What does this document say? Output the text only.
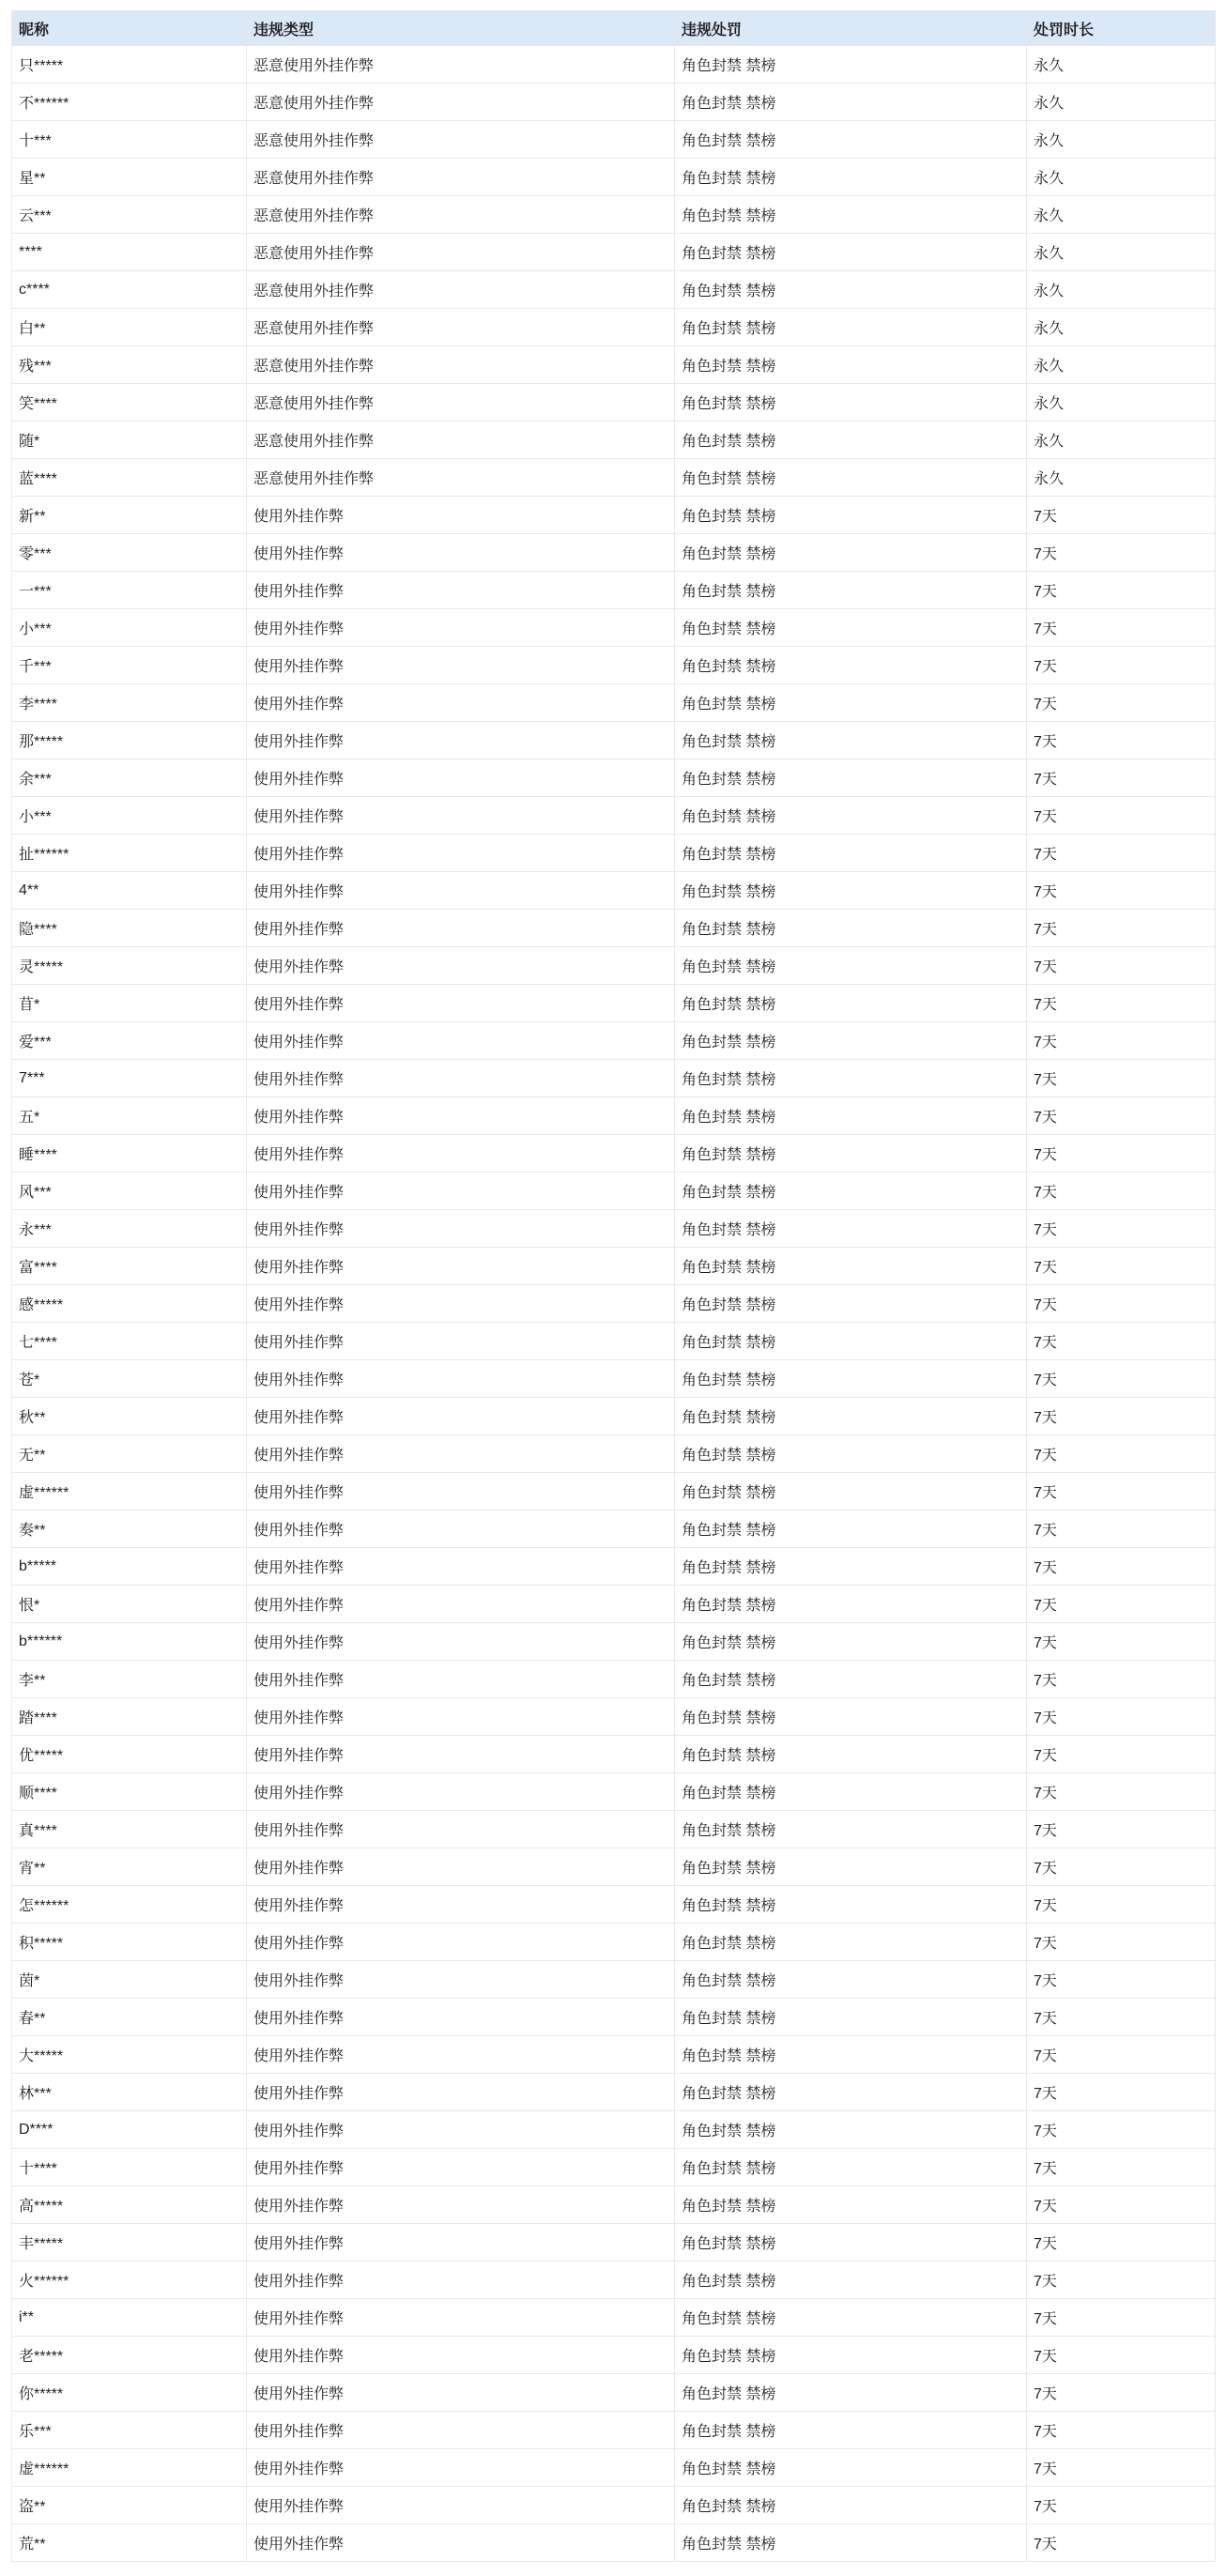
昵称	违规类型	违规处罚	处罚时长
只*****	恶意使用外挂作弊	角色封禁 禁榜	永久
不******	恶意使用外挂作弊	角色封禁 禁榜	永久
十***	恶意使用外挂作弊	角色封禁 禁榜	永久
星**	恶意使用外挂作弊	角色封禁 禁榜	永久
云***	恶意使用外挂作弊	角色封禁 禁榜	永久
****	恶意使用外挂作弊	角色封禁 禁榜	永久
c****	恶意使用外挂作弊	角色封禁 禁榜	永久
白**	恶意使用外挂作弊	角色封禁 禁榜	永久
残***	恶意使用外挂作弊	角色封禁 禁榜	永久
笑****	恶意使用外挂作弊	角色封禁 禁榜	永久
随*	恶意使用外挂作弊	角色封禁 禁榜	永久
蓝****	恶意使用外挂作弊	角色封禁 禁榜	永久
新**	使用外挂作弊	角色封禁 禁榜	7天
零***	使用外挂作弊	角色封禁 禁榜	7天
一***	使用外挂作弊	角色封禁 禁榜	7天
小***	使用外挂作弊	角色封禁 禁榜	7天
千***	使用外挂作弊	角色封禁 禁榜	7天
李****	使用外挂作弊	角色封禁 禁榜	7天
那*****	使用外挂作弊	角色封禁 禁榜	7天
余***	使用外挂作弊	角色封禁 禁榜	7天
小***	使用外挂作弊	角色封禁 禁榜	7天
扯******	使用外挂作弊	角色封禁 禁榜	7天
4**	使用外挂作弊	角色封禁 禁榜	7天
隐****	使用外挂作弊	角色封禁 禁榜	7天
灵*****	使用外挂作弊	角色封禁 禁榜	7天
苜*	使用外挂作弊	角色封禁 禁榜	7天
爱***	使用外挂作弊	角色封禁 禁榜	7天
7***	使用外挂作弊	角色封禁 禁榜	7天
五*	使用外挂作弊	角色封禁 禁榜	7天
睡****	使用外挂作弊	角色封禁 禁榜	7天
风***	使用外挂作弊	角色封禁 禁榜	7天
永***	使用外挂作弊	角色封禁 禁榜	7天
富****	使用外挂作弊	角色封禁 禁榜	7天
感*****	使用外挂作弊	角色封禁 禁榜	7天
七****	使用外挂作弊	角色封禁 禁榜	7天
苍*	使用外挂作弊	角色封禁 禁榜	7天
秋**	使用外挂作弊	角色封禁 禁榜	7天
无**	使用外挂作弊	角色封禁 禁榜	7天
虚******	使用外挂作弊	角色封禁 禁榜	7天
奏**	使用外挂作弊	角色封禁 禁榜	7天
b*****	使用外挂作弊	角色封禁 禁榜	7天
恨*	使用外挂作弊	角色封禁 禁榜	7天
b******	使用外挂作弊	角色封禁 禁榜	7天
李**	使用外挂作弊	角色封禁 禁榜	7天
踏****	使用外挂作弊	角色封禁 禁榜	7天
优*****	使用外挂作弊	角色封禁 禁榜	7天
顺****	使用外挂作弊	角色封禁 禁榜	7天
真****	使用外挂作弊	角色封禁 禁榜	7天
宵**	使用外挂作弊	角色封禁 禁榜	7天
怎******	使用外挂作弊	角色封禁 禁榜	7天
积*****	使用外挂作弊	角色封禁 禁榜	7天
茵*	使用外挂作弊	角色封禁 禁榜	7天
春**	使用外挂作弊	角色封禁 禁榜	7天
大*****	使用外挂作弊	角色封禁 禁榜	7天
林***	使用外挂作弊	角色封禁 禁榜	7天
D****	使用外挂作弊	角色封禁 禁榜	7天
十****	使用外挂作弊	角色封禁 禁榜	7天
高*****	使用外挂作弊	角色封禁 禁榜	7天
丰*****	使用外挂作弊	角色封禁 禁榜	7天
火******	使用外挂作弊	角色封禁 禁榜	7天
i**	使用外挂作弊	角色封禁 禁榜	7天
老*****	使用外挂作弊	角色封禁 禁榜	7天
你*****	使用外挂作弊	角色封禁 禁榜	7天
乐***	使用外挂作弊	角色封禁 禁榜	7天
虚******	使用外挂作弊	角色封禁 禁榜	7天
盗**	使用外挂作弊	角色封禁 禁榜	7天
荒**	使用外挂作弊	角色封禁 禁榜	7天
